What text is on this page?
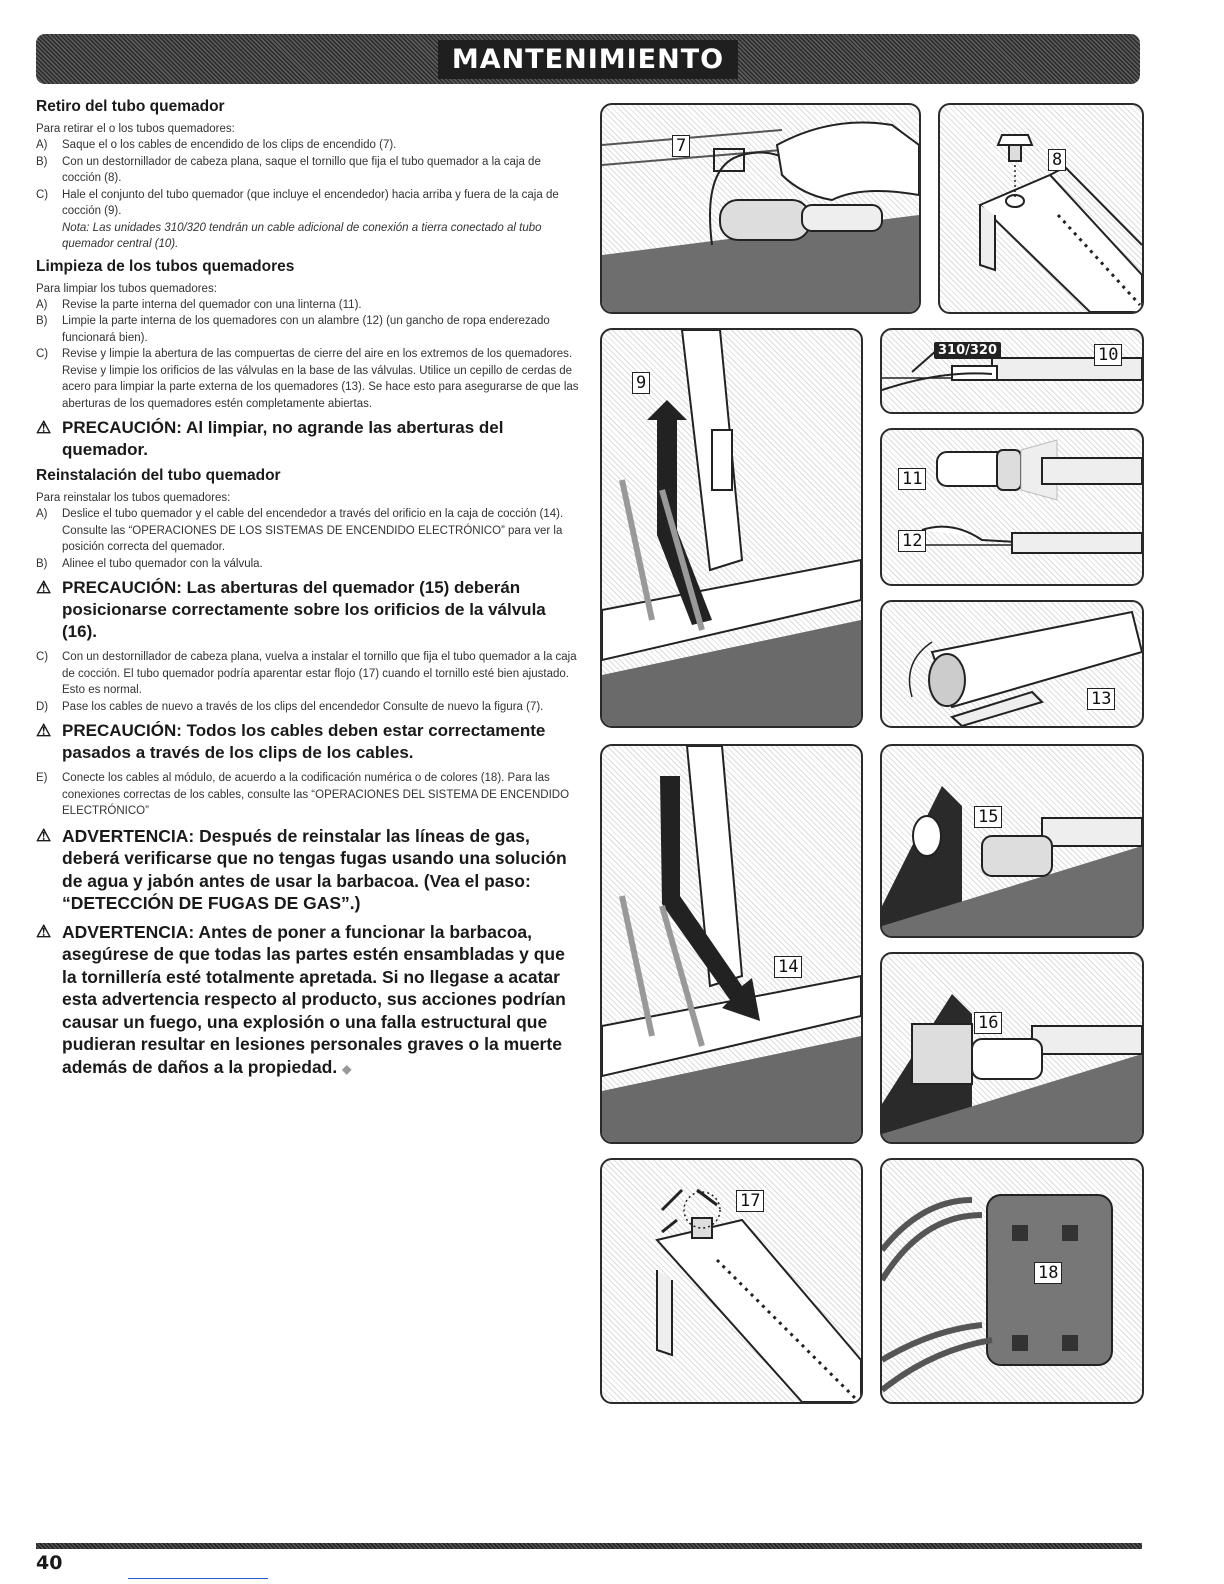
MANTENIMIENTO
Retiro del tubo quemador

Para retirar el o los tubos quemadores:

A)	Saque el o los cables de encendido de los clips de encendido (7).
B)	Con un destornillador de cabeza plana, saque el tornillo que fija el tubo quemador a la caja de cocción (8).
C)	Hale el conjunto del tubo quemador (que incluye el encendedor) hacia arriba y fuera de la caja de cocción (9).
Nota: Las unidades 310/320 tendrán un cable adicional de conexión a tierra conectado al tubo quemador central (10).
Limpieza de los tubos quemadores

Para limpiar los tubos quemadores:

A)	Revise la parte interna del quemador con una linterna (11).
B)	Limpie la parte interna de los quemadores con un alambre (12) (un gancho de ropa enderezado funcionará bien).
C)	Revise y limpie la abertura de las compuertas de cierre del aire en los extremos de los quemadores. Revise y limpie los orificios de las válvulas en la base de las válvulas. Utilice un cepillo de cerdas de acero para limpiar la parte externa de los quemadores (13). Se hace esto para asegurarse de que las aberturas de los quemadores estén completamente abiertas.
⚠ PRECAUCIÓN: Al limpiar, no agrande las aberturas del quemador.
Reinstalación del tubo quemador

Para reinstalar los tubos quemadores:

A)	Deslice el tubo quemador y el cable del encendedor a través del orificio en la caja de cocción (14). Consulte las “OPERACIONES DE LOS SISTEMAS DE ENCENDIDO ELECTRÓNICO” para ver la posición correcta del quemador.
B)	Alinee el tubo quemador con la válvula.
⚠ PRECAUCIÓN: Las aberturas del quemador (15) deberán posicionarse correctamente sobre los orificios de la válvula (16).
C)	Con un destornillador de cabeza plana, vuelva a instalar el tornillo que fija el tubo quemador a la caja de cocción. El tubo quemador podría aparentar estar flojo (17) cuando el tornillo esté bien ajustado. Esto es normal.
D)	Pase los cables de nuevo a través de los clips del encendedor Consulte de nuevo la figura (7).
⚠ PRECAUCIÓN: Todos los cables deben estar correctamente pasados a través de los clips de los cables.
E)	Conecte los cables al módulo, de acuerdo a la codificación numérica o de colores (18). Para las conexiones correctas de los cables, consulte las “OPERACIONES DEL SISTEMA DE ENCENDIDO ELECTRÓNICO”
⚠ ADVERTENCIA: Después de reinstalar las líneas de gas, deberá verificarse que no tengas fugas usando una solución de agua y jabón antes de usar la barbacoa. (Vea el paso: “DETECCIÓN DE FUGAS DE GAS”.)
⚠ ADVERTENCIA: Antes de poner a funcionar la barbacoa, asegúrese de que todas las partes estén ensambladas y que la tornillería esté totalmente apretada. Si no llegase a acatar esta advertencia respecto al producto, sus acciones podrían causar un fuego, una explosión o una falla estructural que pudieran resultar en lesiones personales graves o la muerte además de daños a la propiedad. ◆
7
8
9
310/320	10
11
12
13
14
15
16
17
18
40
